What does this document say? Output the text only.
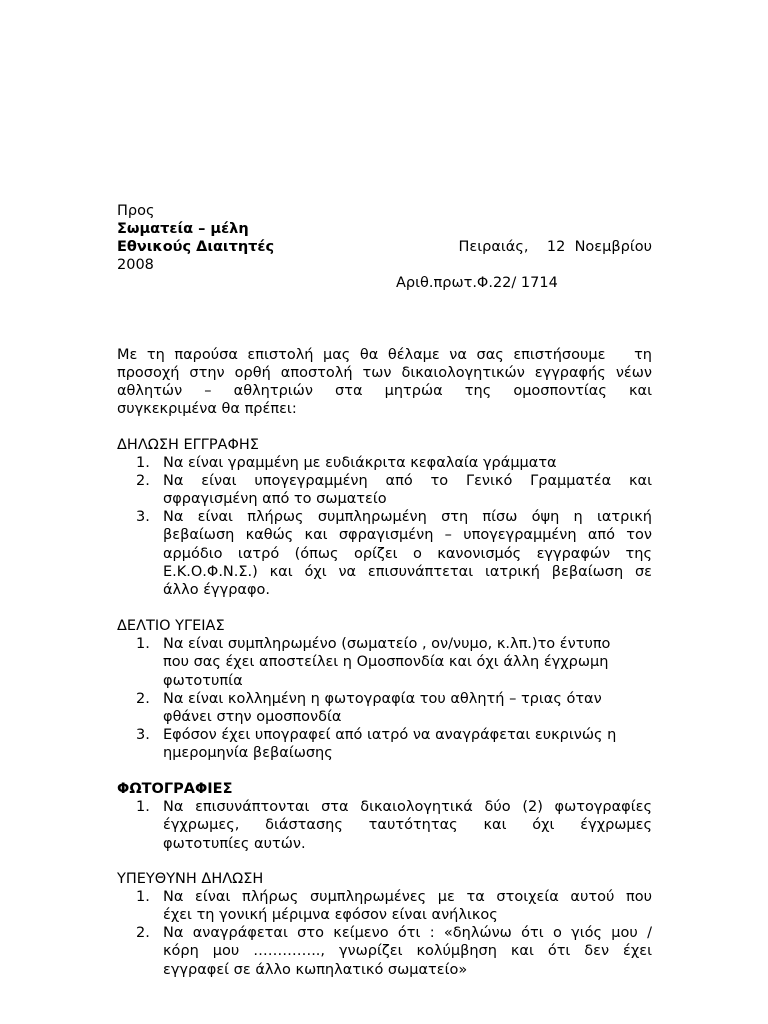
Προς
Σωματεία – μέλη
Εθνικούς Διαιτητές	Πειραιάς,    12  Νοεμβρίου
2008
Αριθ.πρωτ.Φ.22/ 1714
Με τη παρούσα επιστολή μας θα θέλαμε να σας επιστήσουμε   τη
προσοχή στην ορθή αποστολή των δικαιολογητικών εγγραφής νέων
αθλητών – αθλητριών στα μητρώα της ομοσποντίας και
συγκεκριμένα θα πρέπει:
ΔΗΛΩΣΗ ΕΓΓΡΑΦΗΣ
1. Να είναι γραμμένη με ευδιάκριτα κεφαλαία γράμματα
2. Να είναι υπογεγραμμένη από το Γενικό Γραμματέα και
σφραγισμένη από το σωματείο
3. Να είναι πλήρως συμπληρωμένη στη πίσω όψη η ιατρική
βεβαίωση καθώς και σφραγισμένη – υπογεγραμμένη από τον
αρμόδιο ιατρό (όπως ορίζει ο κανονισμός εγγραφών της
Ε.Κ.Ο.Φ.Ν.Σ.) και όχι να επισυνάπτεται ιατρική βεβαίωση σε
άλλο έγγραφο.
ΔΕΛΤΙΟ ΥΓΕΙΑΣ
1. Να είναι συμπληρωμένο (σωματείο , ον/νυμο, κ.λπ.)το έντυπο
που σας έχει αποστείλει η Ομοσπονδία και όχι άλλη έγχρωμη
φωτοτυπία
2. Να είναι κολλημένη η φωτογραφία του αθλητή – τριας όταν
φθάνει στην ομοσπονδία
3. Εφόσον έχει υπογραφεί από ιατρό να αναγράφεται ευκρινώς η
ημερομηνία βεβαίωσης
ΦΩΤΟΓΡΑΦΙΕΣ
1. Να επισυνάπτονται στα δικαιολογητικά δύο (2) φωτογραφίες
έγχρωμες, διάστασης ταυτότητας και όχι έγχρωμες
φωτοτυπίες αυτών.
ΥΠΕΥΘΥΝΗ ΔΗΛΩΣΗ
1. Να είναι πλήρως συμπληρωμένες με τα στοιχεία αυτού που
έχει τη γονική μέριμνα εφόσον είναι ανήλικος
2. Να αναγράφεται στο κείμενο ότι : «δηλώνω ότι ο γιός μου /
κόρη μου ………….., γνωρίζει κολύμβηση και ότι δεν έχει
εγγραφεί σε άλλο κωπηλατικό σωματείο»
